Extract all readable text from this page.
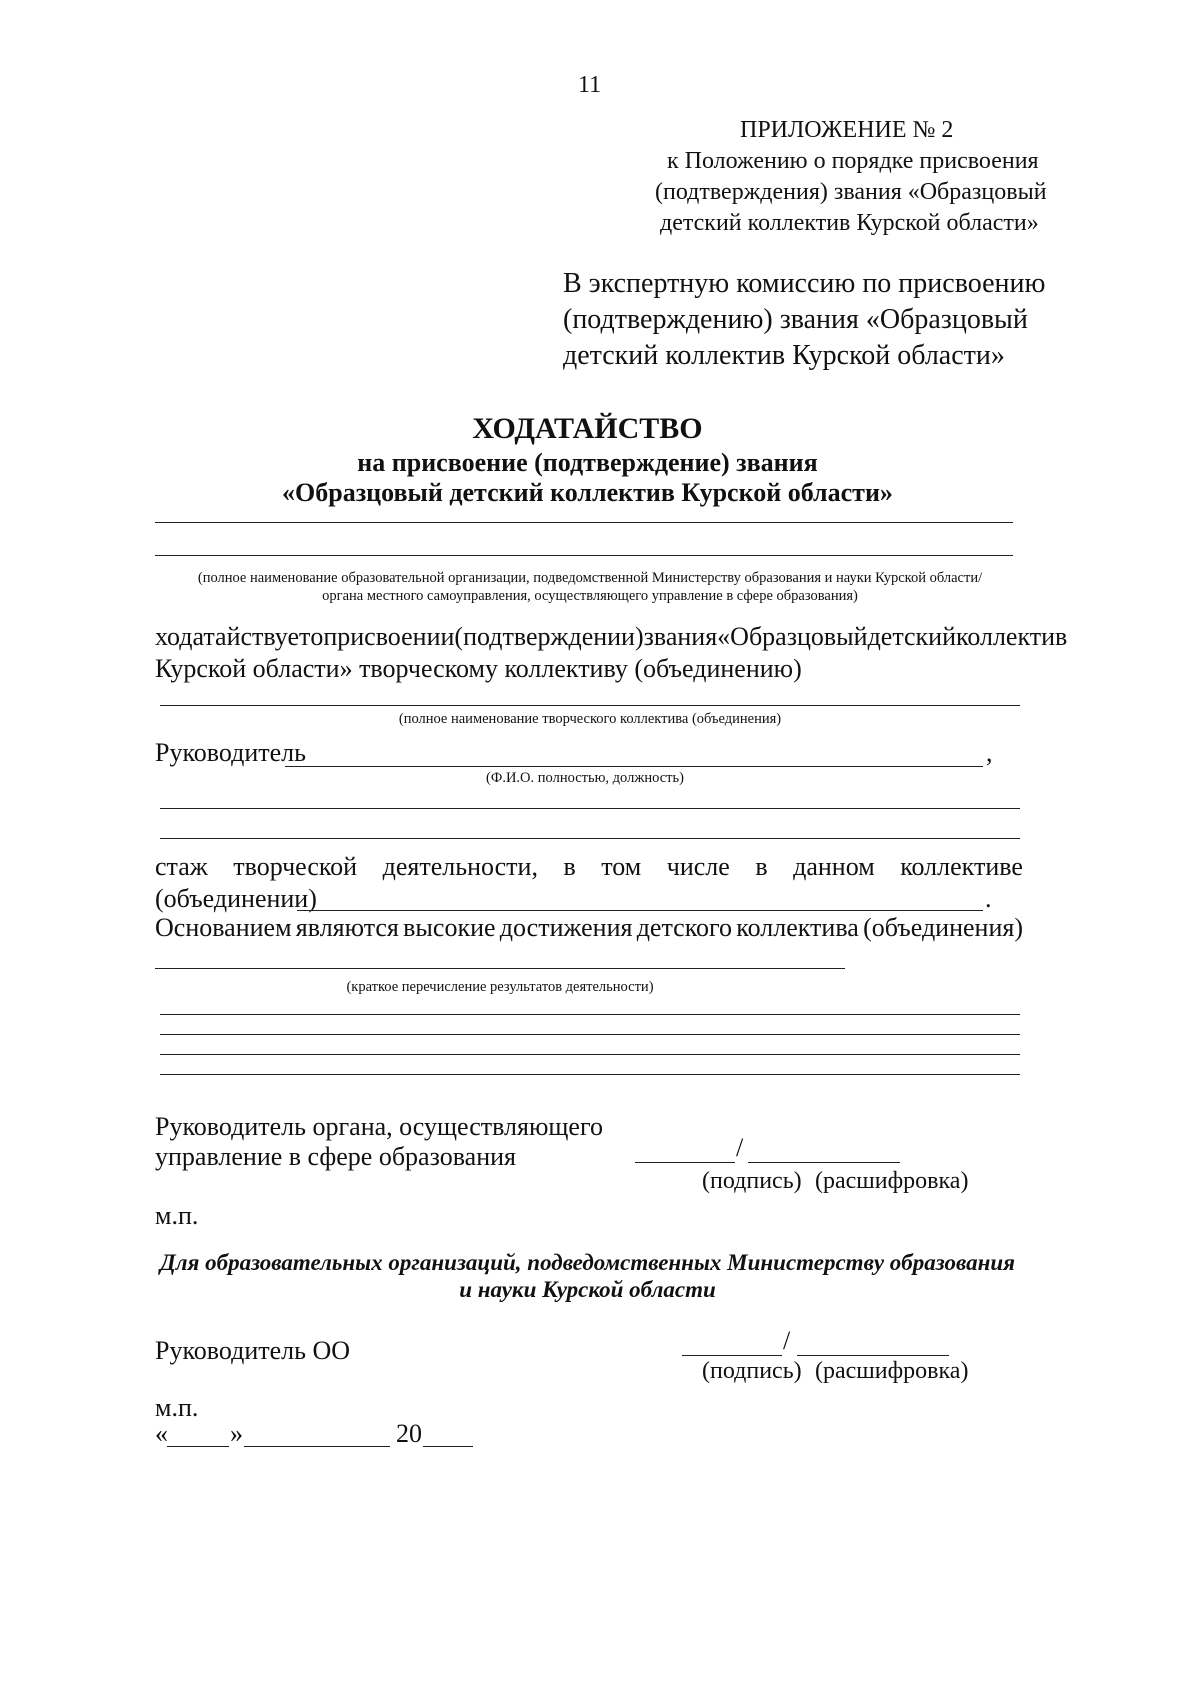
11
ПРИЛОЖЕНИЕ № 2
к Положению о порядке присвоения
(подтверждения) звания «Образцовый
детский коллектив Курской области»
В экспертную комиссию по присвоению
(подтверждению) звания «Образцовый
детский коллектив Курской области»
ХОДАТАЙСТВО
на присвоение (подтверждение) звания
«Образцовый детский коллектив Курской области»
(полное наименование образовательной организации, подведомственной Министерству образования и науки Курской области/
органа местного самоуправления, осуществляющего управление в сфере образования)
ходатайствует о присвоении (подтверждении) звания «Образцовый детский коллектив
Курской области» творческому коллективу (объединению)
(полное наименование творческого коллектива (объединения)
Руководитель	,
(Ф.И.О. полностью, должность)
стаж творческой деятельности, в том числе в данном коллективе
(объединении)	.
Основанием являются высокие достижения детского коллектива (объединения)
(краткое перечисление результатов деятельности)
Руководитель органа, осуществляющего
управление в сфере образования	/
(подпись) (расшифровка)
м.п.
Для образовательных организаций, подведомственных Министерству образования
и науки Курской области
Руководитель ОО	/
(подпись) (расшифровка)
м.п.
« »	20
